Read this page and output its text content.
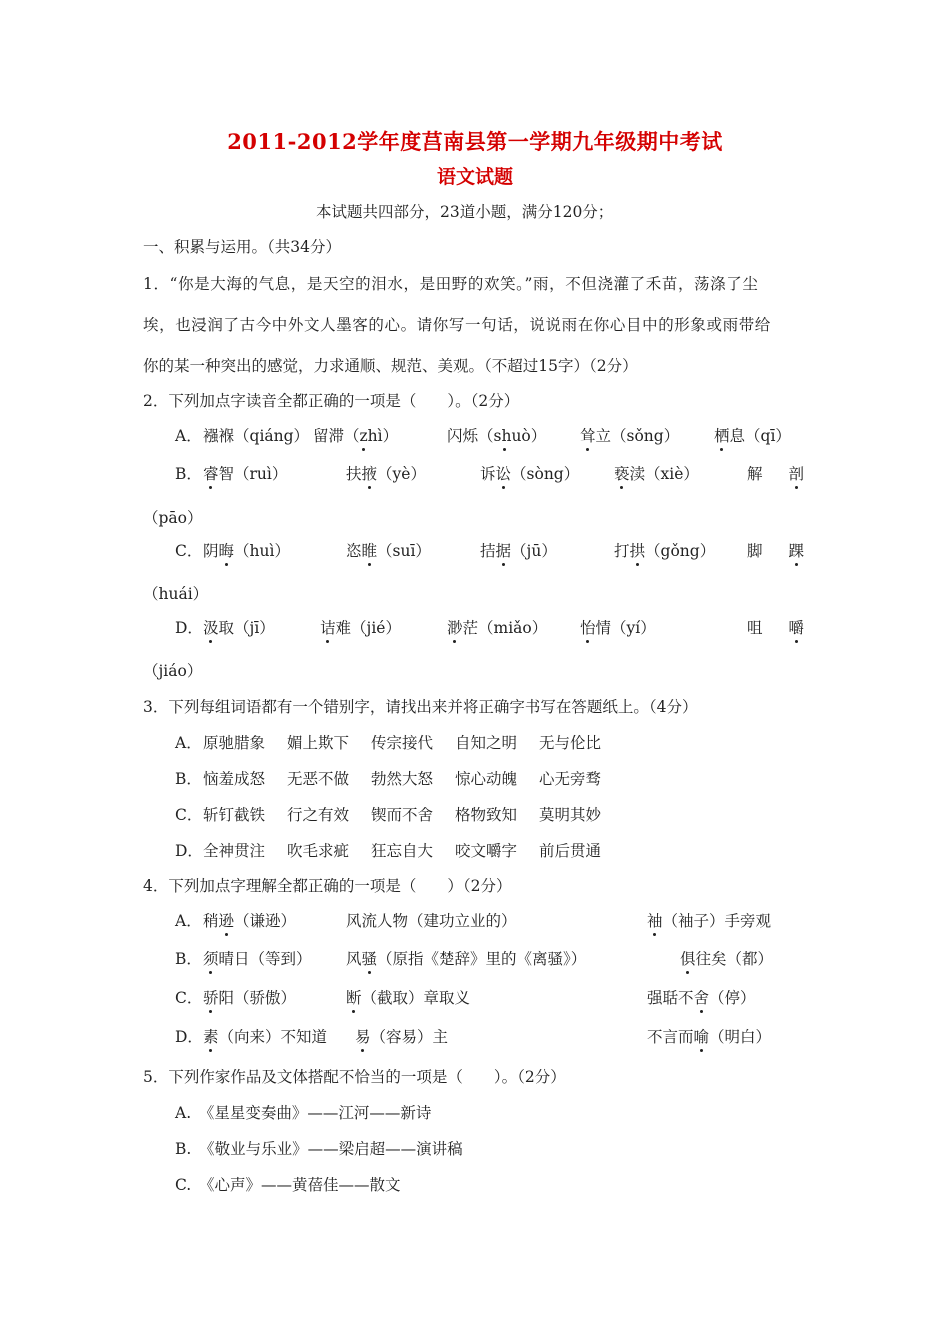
2011-2012学年度莒南县第一学期九年级期中考试
语文试题
本试题共四部分，23道小题，满分120分；
一、积累与运用。（共34分）
1．“你是大海的气息，是天空的泪水，是田野的欢笑。”雨，不但浇灌了禾苗，荡涤了尘
埃，也浸润了古今中外文人墨客的心。请你写一句话，说说雨在你心目中的形象或雨带给
你的某一种突出的感觉，力求通顺、规范、美观。（不超过15字）（2分）
2．下列加点字读音全都正确的一项是（　　）。（2分）
A． 襁褓（qiáng） 留滞（zhì）	闪烁（shuò） 耸立（sǒng） 栖息（qī）
B． 睿智（ruì）	扶掖（yè）	诉讼（sòng） 亵渎（xiè）	解 剖
（pāo）
C． 阴晦（huì）	恣睢（suī）	拮据（jū）	打拱（gǒng） 脚 踝
（huái）
D． 汲取（jī）	诘难（jié）	渺茫（miǎo） 怡情（yí）	咀 嚼
（jiáo）
3．下列每组词语都有一个错别字，请找出来并将正确字书写在答题纸上。（4分）
A． 原驰腊象 媚上欺下 传宗接代 自知之明 无与伦比
B． 恼羞成怒 无恶不做 勃然大怒 惊心动魄 心无旁骛
C． 斩钉截铁 行之有效 锲而不舍 格物致知 莫明其妙
D． 全神贯注 吹毛求疵 狂忘自大 咬文嚼字 前后贯通
4．下列加点字理解全都正确的一项是（　　）（2分）
A． 稍逊（谦逊）	风流人物（建功立业的）	袖（袖子）手旁观
B． 须晴日（等到） 风骚（原指《楚辞》里的《离骚》）	俱往矣（都）
C． 骄阳（骄傲）	断（截取）章取义	强聒不舍（停）
D． 素（向来）不知道 易（容易）主	不言而喻（明白）
5．下列作家作品及文体搭配不恰当的一项是（　　）。（2分）
A.　《星星变奏曲》——江河——新诗
B.　《敬业与乐业》——梁启超——演讲稿
C.　《心声》——黄蓓佳——散文
